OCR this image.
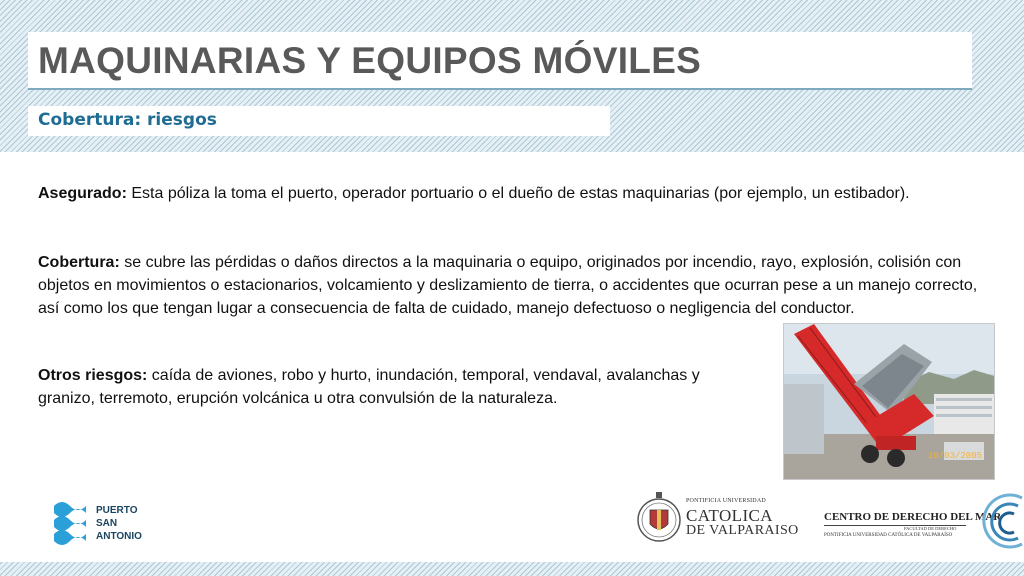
MAQUINARIAS Y EQUIPOS MÓVILES
Cobertura: riesgos

Asegurado: Esta póliza la toma el puerto, operador portuario o el dueño de estas maquinarias (por ejemplo, un estibador).

Cobertura: se cubre las pérdidas o daños directos a la maquinaria o equipo, originados por incendio, rayo, explosión, colisión con objetos en movimientos o estacionarios, volcamiento y deslizamiento de tierra, o accidentes que ocurran pese a un manejo correcto, así como los que tengan lugar a consecuencia de falta de cuidado, manejo defectuoso o negligencia del conductor.

Otros riesgos: caída de aviones, robo y hurto, inundación, temporal, vendaval, avalanchas y granizo, terremoto, erupción volcánica u otra convulsión de la naturaleza.

10/03/2005
PUERTO
SAN
ANTONIO
PONTIFICIA UNIVERSIDAD
CATOLICA
DE VALPARAISO
CENTRO DE DERECHO DEL MAR
FACULTAD DE DERECHO
PONTIFICIA UNIVERSIDAD CATÓLICA DE VALPARAÍSO
